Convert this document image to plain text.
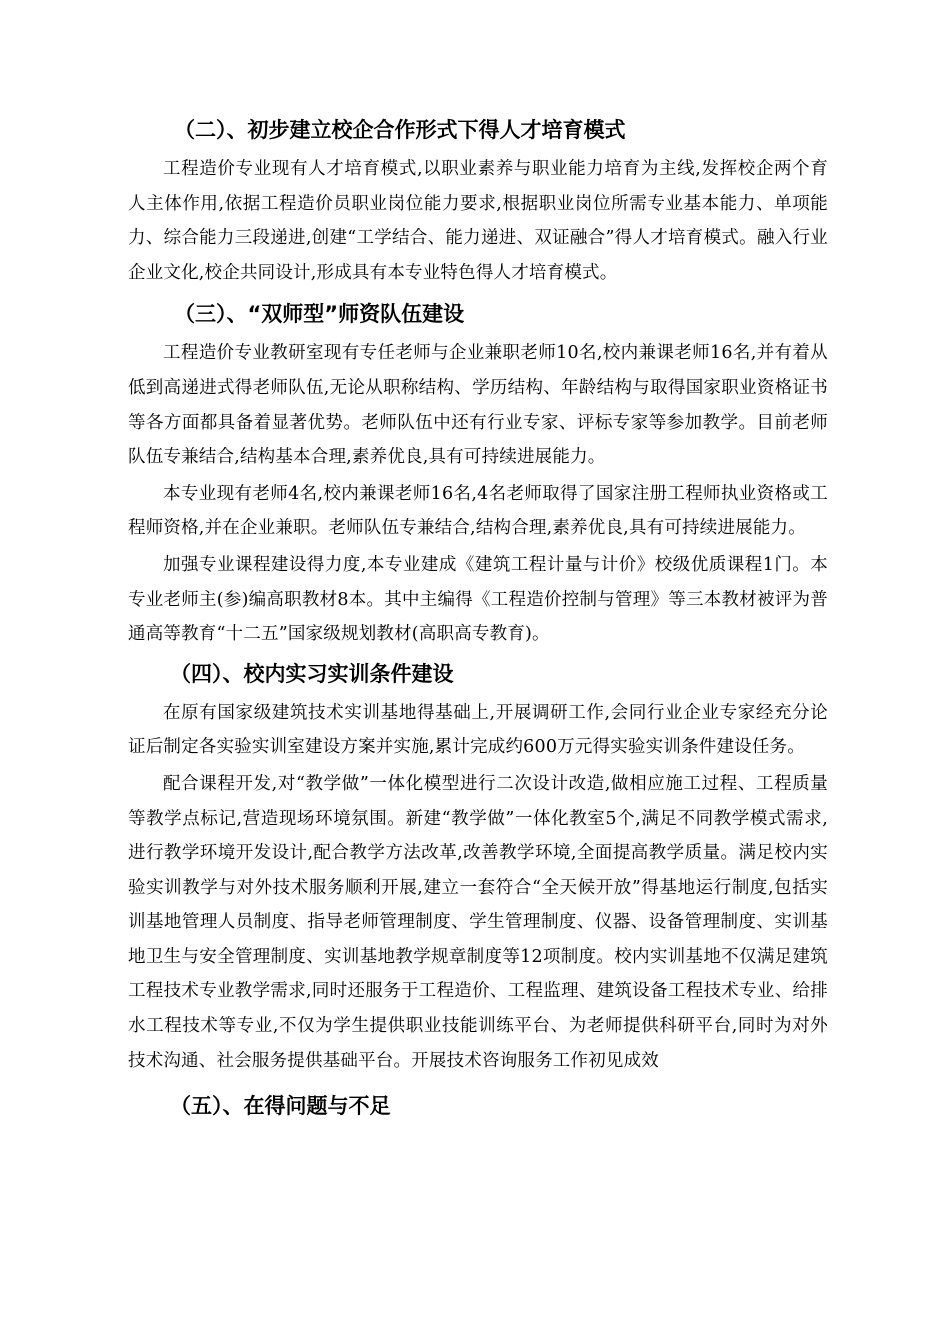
（二）、初步建立校企合作形式下得人才培育模式

工程造价专业现有人才培育模式,以职业素养与职业能力培育为主线,发挥校企两个育人主体作用,依据工程造价员职业岗位能力要求,根据职业岗位所需专业基本能力、单项能力、综合能力三段递进,创建“工学结合、能力递进、双证融合”得人才培育模式。融入行业企业文化,校企共同设计,形成具有本专业特色得人才培育模式。

（三）、“双师型”师资队伍建设

工程造价专业教研室现有专任老师与企业兼职老师10名,校内兼课老师16名,并有着从低到高递进式得老师队伍,无论从职称结构、学历结构、年龄结构与取得国家职业资格证书等各方面都具备着显著优势。老师队伍中还有行业专家、评标专家等参加教学。目前老师队伍专兼结合,结构基本合理,素养优良,具有可持续进展能力。

本专业现有老师4名,校内兼课老师16名,4名老师取得了国家注册工程师执业资格或工程师资格,并在企业兼职。老师队伍专兼结合,结构合理,素养优良,具有可持续进展能力。

加强专业课程建设得力度,本专业建成《建筑工程计量与计价》校级优质课程1门。本专业老师主(参)编高职教材8本。其中主编得《工程造价控制与管理》等三本教材被评为普通高等教育“十二五”国家级规划教材(高职高专教育)。

（四）、校内实习实训条件建设

在原有国家级建筑技术实训基地得基础上,开展调研工作,会同行业企业专家经充分论证后制定各实验实训室建设方案并实施,累计完成约600万元得实验实训条件建设任务。

配合课程开发,对“教学做”一体化模型进行二次设计改造,做相应施工过程、工程质量等教学点标记,营造现场环境氛围。新建“教学做”一体化教室5个,满足不同教学模式需求,进行教学环境开发设计,配合教学方法改革,改善教学环境,全面提高教学质量。满足校内实验实训教学与对外技术服务顺利开展,建立一套符合“全天候开放”得基地运行制度,包括实训基地管理人员制度、指导老师管理制度、学生管理制度、仪器、设备管理制度、实训基地卫生与安全管理制度、实训基地教学规章制度等12项制度。校内实训基地不仅满足建筑工程技术专业教学需求,同时还服务于工程造价、工程监理、建筑设备工程技术专业、给排水工程技术等专业,不仅为学生提供职业技能训练平台、为老师提供科研平台,同时为对外技术沟通、社会服务提供基础平台。开展技术咨询服务工作初见成效

（五）、在得问题与不足
